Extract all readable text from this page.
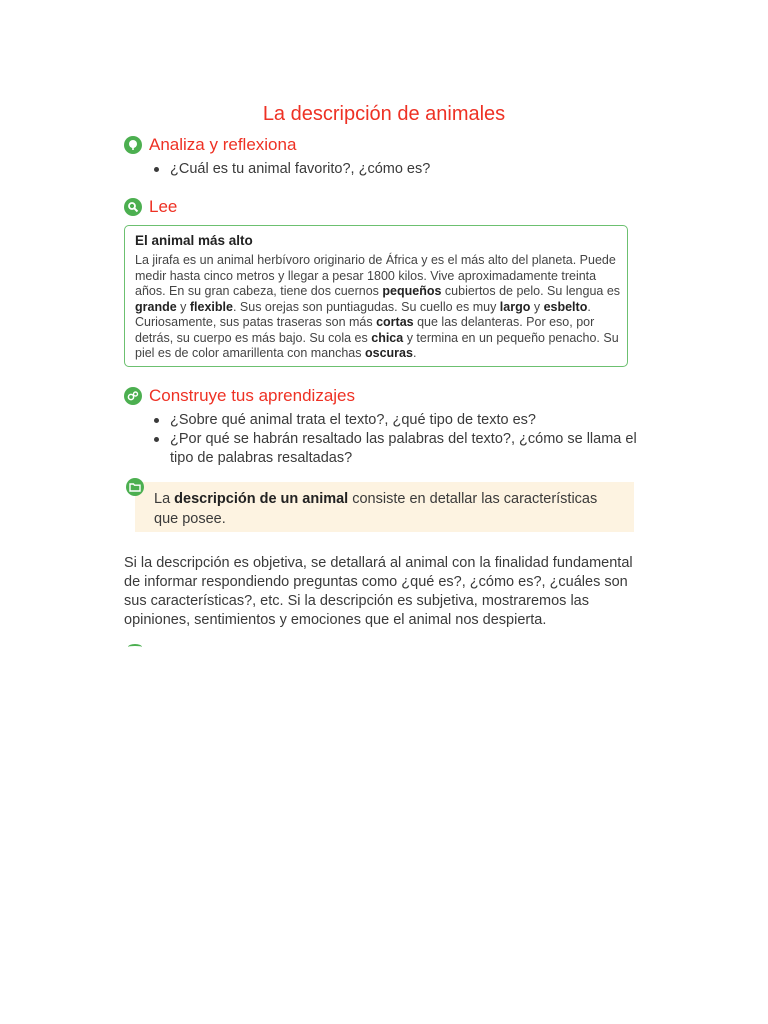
La descripción de animales
Analiza y reflexiona
¿Cuál es tu animal favorito?, ¿cómo es?
Lee
El animal más alto
La jirafa es un animal herbívoro originario de África y es el más alto del planeta. Puede medir hasta cinco metros y llegar a pesar 1800 kilos. Vive aproximadamente treinta años. En su gran cabeza, tiene dos cuernos pequeños cubiertos de pelo. Su lengua es grande y flexible. Sus orejas son puntiagudas. Su cuello es muy largo y esbelto. Curiosamente, sus patas traseras son más cortas que las delanteras. Por eso, por detrás, su cuerpo es más bajo. Su cola es chica y termina en un pequeño penacho. Su piel es de color amarillenta con manchas oscuras.
Construye tus aprendizajes
¿Sobre qué animal trata el texto?, ¿qué tipo de texto es?
¿Por qué se habrán resaltado las palabras del texto?, ¿cómo se llama el tipo de palabras resaltadas?
La descripción de un animal consiste en detallar las características que posee.

Si la descripción es objetiva, se detallará al animal con la finalidad fundamental de informar respondiendo preguntas como ¿qué es?, ¿cómo es?, ¿cuáles son sus características?, etc. Si la descripción es subjetiva, mostraremos las opiniones, sentimientos y emociones que el animal nos despierta.
